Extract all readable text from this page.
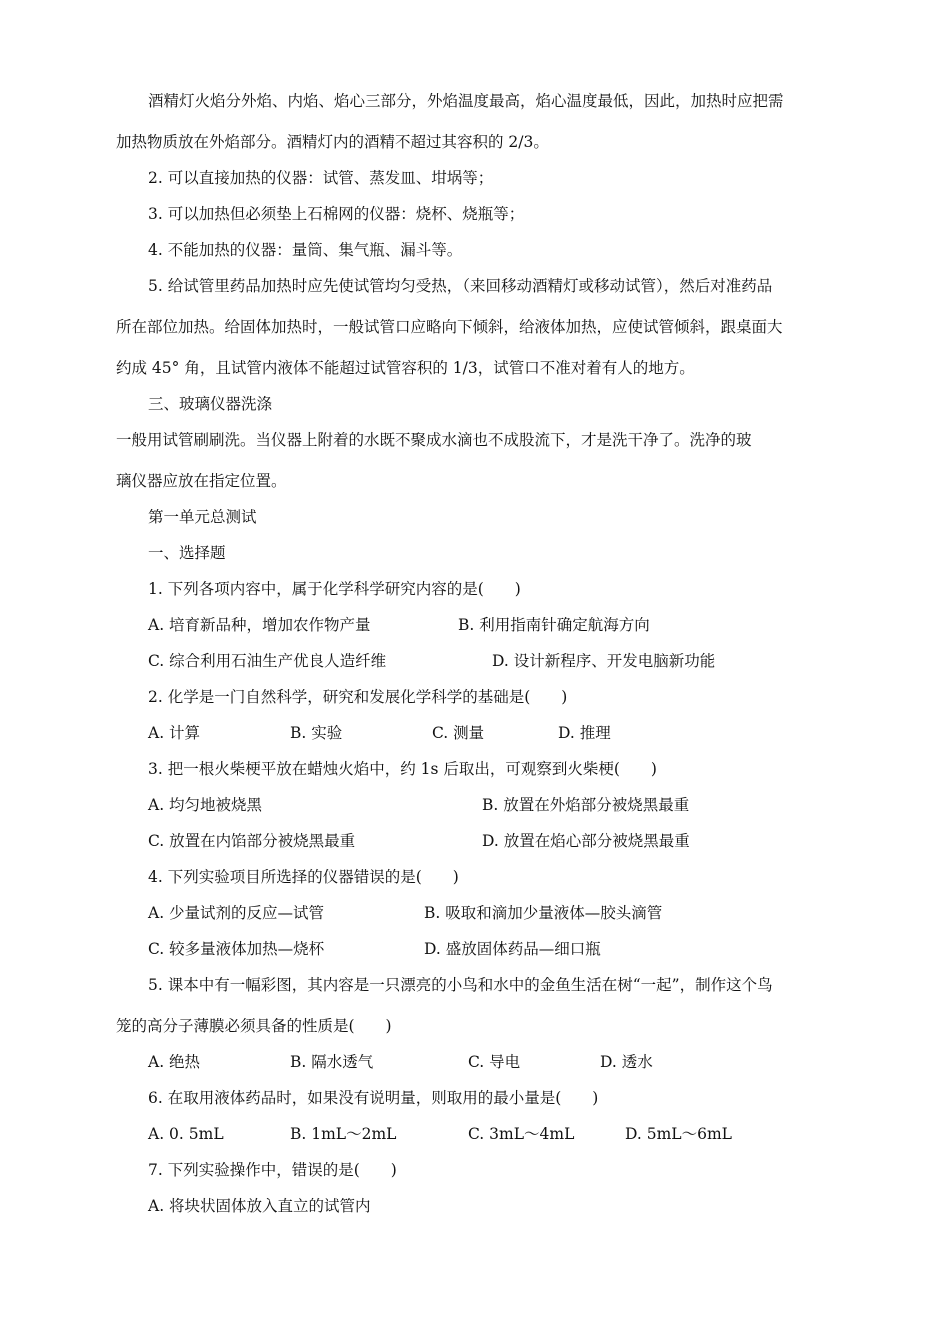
酒精灯火焰分外焰、内焰、焰心三部分，外焰温度最高，焰心温度最低，因此，加热时应把需
加热物质放在外焰部分。酒精灯内的酒精不超过其容积的 2/3。
2. 可以直接加热的仪器：试管、蒸发皿、坩埚等；
3. 可以加热但必须垫上石棉网的仪器：烧杯、烧瓶等；
4. 不能加热的仪器：量筒、集气瓶、漏斗等。
5. 给试管里药品加热时应先使试管均匀受热，（来回移动酒精灯或移动试管），然后对准药品
所在部位加热。给固体加热时，一般试管口应略向下倾斜，给液体加热，应使试管倾斜，跟桌面大
约成 45° 角，且试管内液体不能超过试管容积的 1/3，试管口不准对着有人的地方。
三、玻璃仪器洗涤
一般用试管刷刷洗。当仪器上附着的水既不聚成水滴也不成股流下，才是洗干净了。洗净的玻
璃仪器应放在指定位置。
第一单元总测试
一、选择题
1. 下列各项内容中，属于化学科学研究内容的是(　　)
A. 培育新品种，增加农作物产量	B. 利用指南针确定航海方向
C. 综合利用石油生产优良人造纤维	D. 设计新程序、开发电脑新功能
2. 化学是一门自然科学，研究和发展化学科学的基础是(　　)
A. 计算	B. 实验	C. 测量	D. 推理
3. 把一根火柴梗平放在蜡烛火焰中，约 1s 后取出，可观察到火柴梗(　　)
A. 均匀地被烧黑	B. 放置在外焰部分被烧黑最重
C. 放置在内馅部分被烧黑最重	D. 放置在焰心部分被烧黑最重
4. 下列实验项目所选择的仪器错误的是(　　)
A. 少量试剂的反应—试管	B. 吸取和滴加少量液体—胶头滴管
C. 较多量液体加热—烧杯	D. 盛放固体药品—细口瓶
5. 课本中有一幅彩图，其内容是一只漂亮的小鸟和水中的金鱼生活在树“一起”，制作这个鸟
笼的高分子薄膜必须具备的性质是(　　)
A. 绝热	B. 隔水透气	C. 导电	D. 透水
6. 在取用液体药品时，如果没有说明量，则取用的最小量是(　　)
A. 0. 5mL	B. 1mL～2mL	C. 3mL～4mL	D. 5mL～6mL
7. 下列实验操作中，错误的是(　　)
A. 将块状固体放入直立的试管内
